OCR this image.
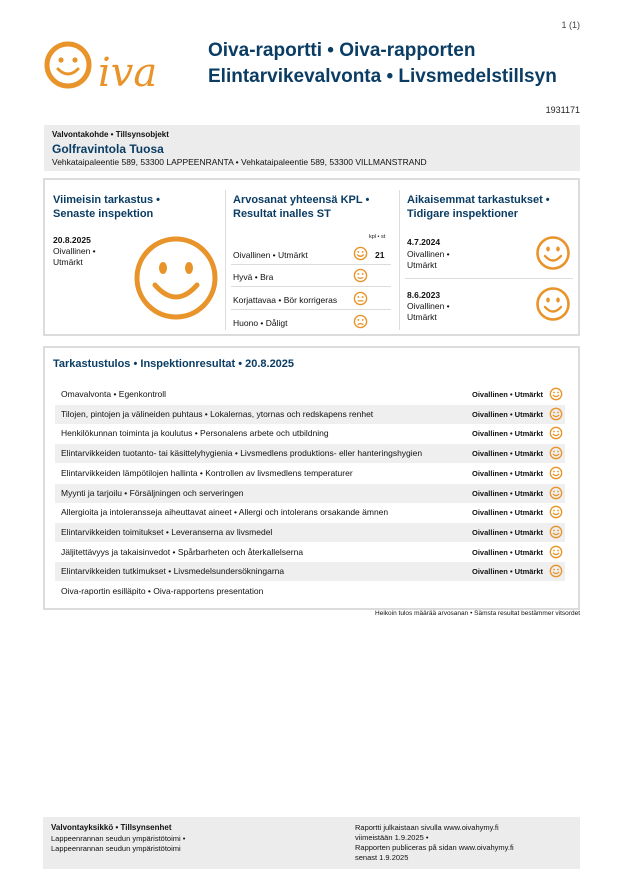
1 (1)
iva	Oiva-raportti • Oiva-rapporten
Elintarvikevalvonta • Livsmedelstillsyn
1931171
Valvontakohde • Tillsynsobjekt
Golfravintola Tuosa
Vehkataipaleentie 589, 53300 LAPPEENRANTA • Vehkataipaleentie 589, 53300 VILLMANSTRAND
Viimeisin tarkastus •
Senaste inspektion
20.8.2025
Oivallinen •
Utmärkt
Arvosanat yhteensä KPL •
Resultat inalles ST
kpl • st
Oivallinen • Utmärkt	21
Hyvä • Bra
Korjattavaa • Bör korrigeras
Huono • Dåligt
Aikaisemmat tarkastukset •
Tidigare inspektioner
4.7.2024
Oivallinen •
Utmärkt
8.6.2023
Oivallinen •
Utmärkt
Tarkastustulos • Inspektionresultat • 20.8.2025
Omavalvonta • Egenkontroll	Oivallinen • Utmärkt
Tilojen, pintojen ja välineiden puhtaus • Lokalernas, ytornas och redskapens renhet	Oivallinen • Utmärkt
Henkilökunnan toiminta ja koulutus • Personalens arbete och utbildning	Oivallinen • Utmärkt
Elintarvikkeiden tuotanto- tai käsittelyhygienia • Livsmedlens produktions- eller hanteringshygien	Oivallinen • Utmärkt
Elintarvikkeiden lämpötilojen hallinta • Kontrollen av livsmedlens temperaturer	Oivallinen • Utmärkt
Myynti ja tarjoilu • Försäljningen och serveringen	Oivallinen • Utmärkt
Allergioita ja intoleransseja aiheuttavat aineet • Allergi och intolerans orsakande ämnen	Oivallinen • Utmärkt
Elintarvikkeiden toimitukset • Leveranserna av livsmedel	Oivallinen • Utmärkt
Jäljitettävyys ja takaisinvedot • Spårbarheten och återkallelserna	Oivallinen • Utmärkt
Elintarvikkeiden tutkimukset • Livsmedelsundersökningarna	Oivallinen • Utmärkt
Oiva-raportin esilläpito • Oiva-rapportens presentation
Heikoin tulos määrää arvosanan • Sämsta resultat bestämmer vitsordet
Valvontayksikkö • Tillsynsenhet
Lappeenrannan seudun ympäristötoimi •
Lappeenrannan seudun ympäristötoimi
Raportti julkaistaan sivulla www.oivahymy.fi
viimeistään 1.9.2025 •
Rapporten publiceras på sidan www.oivahymy.fi
senast 1.9.2025
